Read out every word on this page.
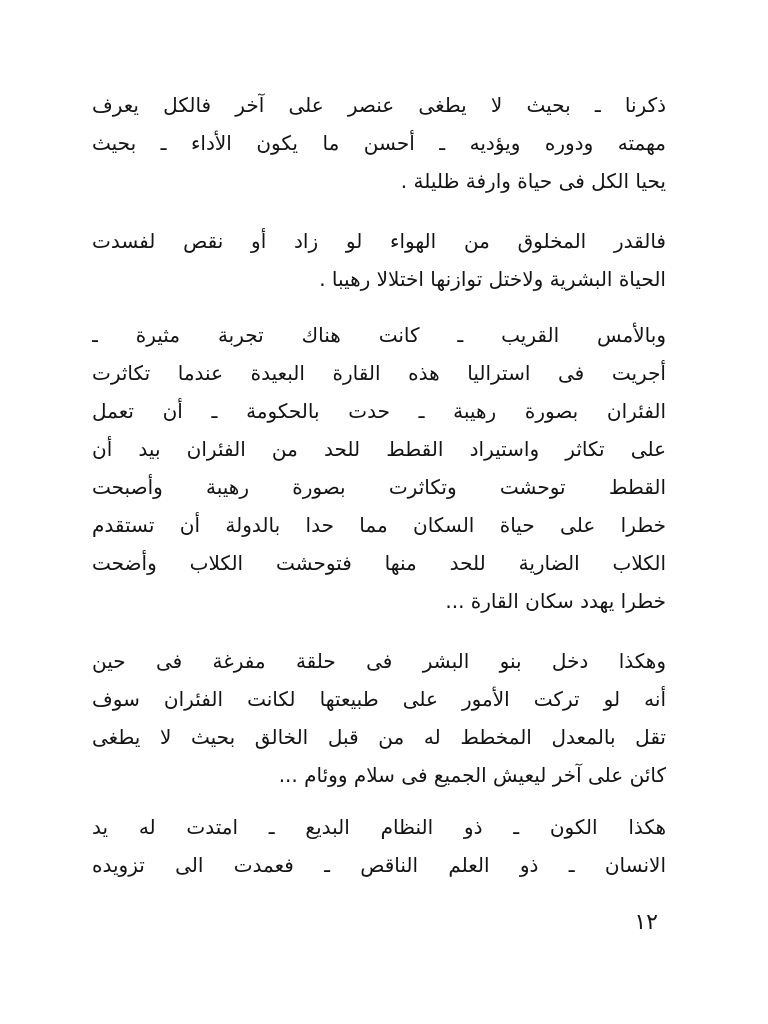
ذكرنا ـ بحيث لا يطغى عنصر على آخر فالكل يعرف
مهمته ودوره ويؤديه ـ أحسن ما يكون الأداء ـ بحيث
يحيا الكل فى حياة وارفة ظليلة .
فالقدر المخلوق من الهواء لو زاد أو نقص لفسدت
الحياة البشرية ولاختل توازنها اختلالا رهيبا .
وبالأمس القريب ـ كانت هناك تجربة مثيرة ـ
أجريت فى استراليا هذه القارة البعيدة عندما تكاثرت
الفئران بصورة رهيبة ـ حدت بالحكومة ـ أن تعمل
على تكاثر واستيراد القطط للحد من الفئران بيد أن
القطط توحشت وتكاثرت بصورة رهيبة وأصبحت
خطرا على حياة السكان مما حدا بالدولة أن تستقدم
الكلاب الضارية للحد منها فتوحشت الكلاب وأضحت
خطرا يهدد سكان القارة ...
وهكذا دخل بنو البشر فى حلقة مفرغة فى حين
أنه لو تركت الأمور على طبيعتها لكانت الفئران سوف
تقل بالمعدل المخطط له من قبل الخالق بحيث لا يطغى
كائن على آخر ليعيش الجميع فى سلام ووئام ...
هكذا الكون ـ ذو النظام البديع ـ امتدت له يد
الانسان ـ ذو العلم الناقص ـ فعمدت الى تزويده
١٢
